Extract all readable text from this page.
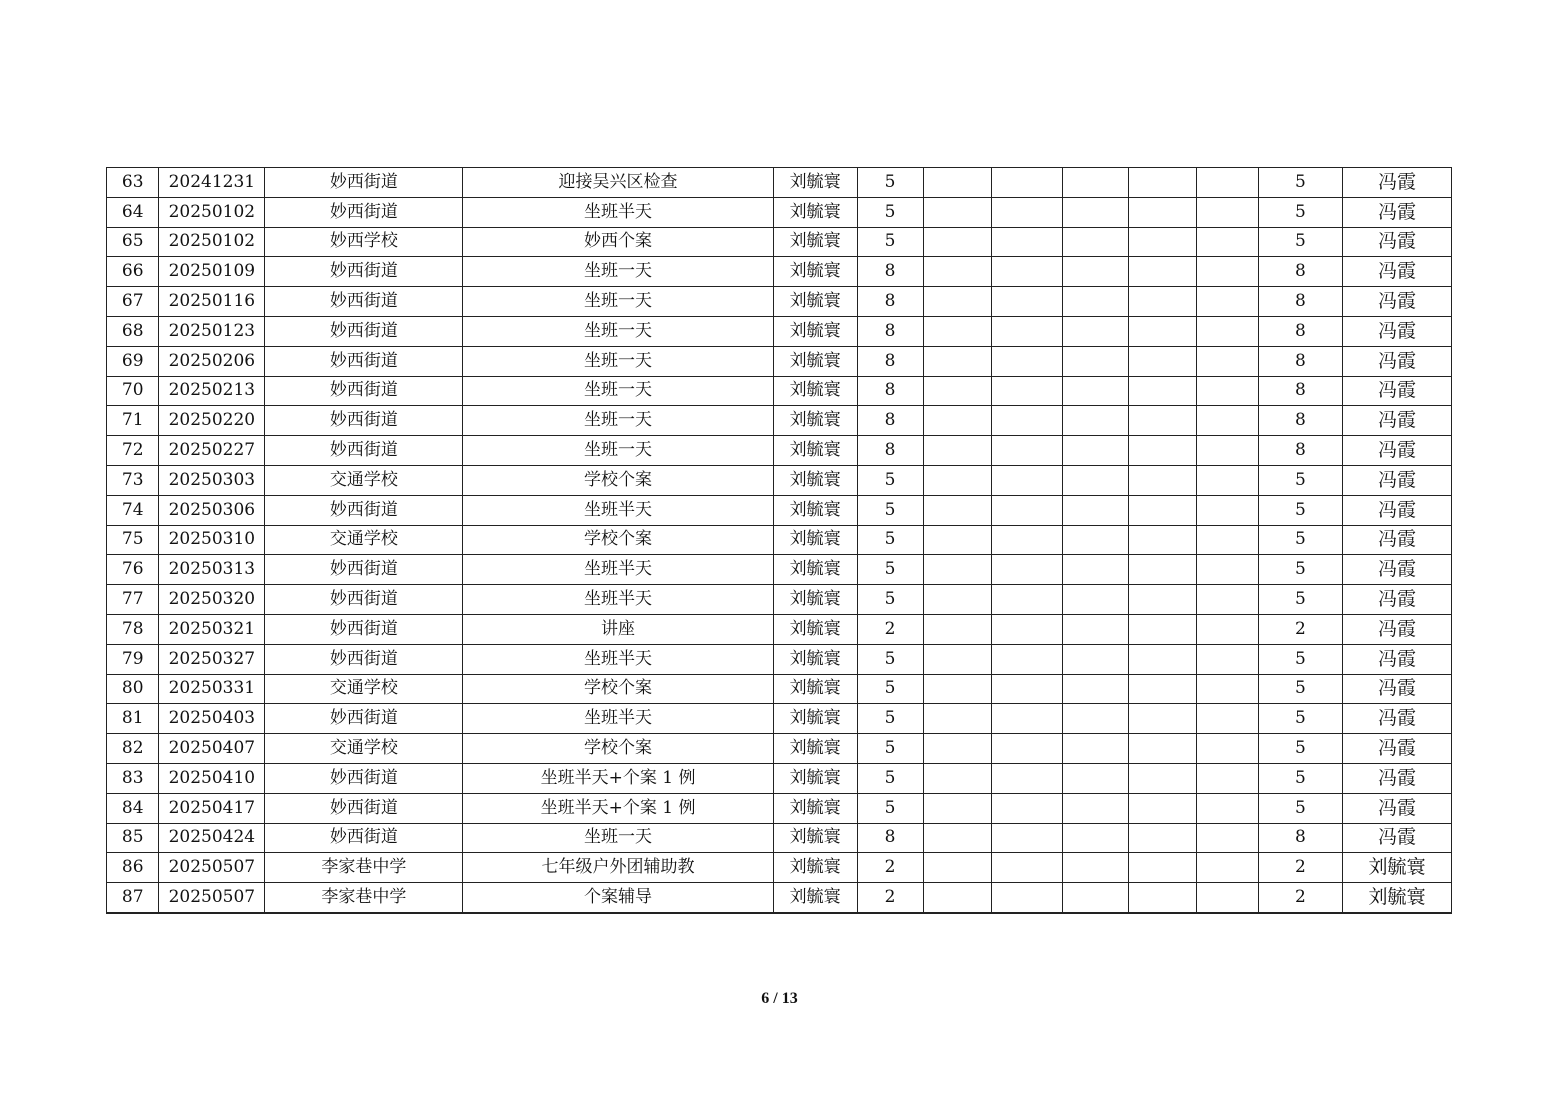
63	20241231	妙西街道	迎接吴兴区检查	刘毓寰	5						5	冯霞
64	20250102	妙西街道	坐班半天	刘毓寰	5						5	冯霞
65	20250102	妙西学校	妙西个案	刘毓寰	5						5	冯霞
66	20250109	妙西街道	坐班一天	刘毓寰	8						8	冯霞
67	20250116	妙西街道	坐班一天	刘毓寰	8						8	冯霞
68	20250123	妙西街道	坐班一天	刘毓寰	8						8	冯霞
69	20250206	妙西街道	坐班一天	刘毓寰	8						8	冯霞
70	20250213	妙西街道	坐班一天	刘毓寰	8						8	冯霞
71	20250220	妙西街道	坐班一天	刘毓寰	8						8	冯霞
72	20250227	妙西街道	坐班一天	刘毓寰	8						8	冯霞
73	20250303	交通学校	学校个案	刘毓寰	5						5	冯霞
74	20250306	妙西街道	坐班半天	刘毓寰	5						5	冯霞
75	20250310	交通学校	学校个案	刘毓寰	5						5	冯霞
76	20250313	妙西街道	坐班半天	刘毓寰	5						5	冯霞
77	20250320	妙西街道	坐班半天	刘毓寰	5						5	冯霞
78	20250321	妙西街道	讲座	刘毓寰	2						2	冯霞
79	20250327	妙西街道	坐班半天	刘毓寰	5						5	冯霞
80	20250331	交通学校	学校个案	刘毓寰	5						5	冯霞
81	20250403	妙西街道	坐班半天	刘毓寰	5						5	冯霞
82	20250407	交通学校	学校个案	刘毓寰	5						5	冯霞
83	20250410	妙西街道	坐班半天+个案 1 例	刘毓寰	5						5	冯霞
84	20250417	妙西街道	坐班半天+个案 1 例	刘毓寰	5						5	冯霞
85	20250424	妙西街道	坐班一天	刘毓寰	8						8	冯霞
86	20250507	李家巷中学	七年级户外团辅助教	刘毓寰	2						2	刘毓寰
87	20250507	李家巷中学	个案辅导	刘毓寰	2						2	刘毓寰
6 / 13
